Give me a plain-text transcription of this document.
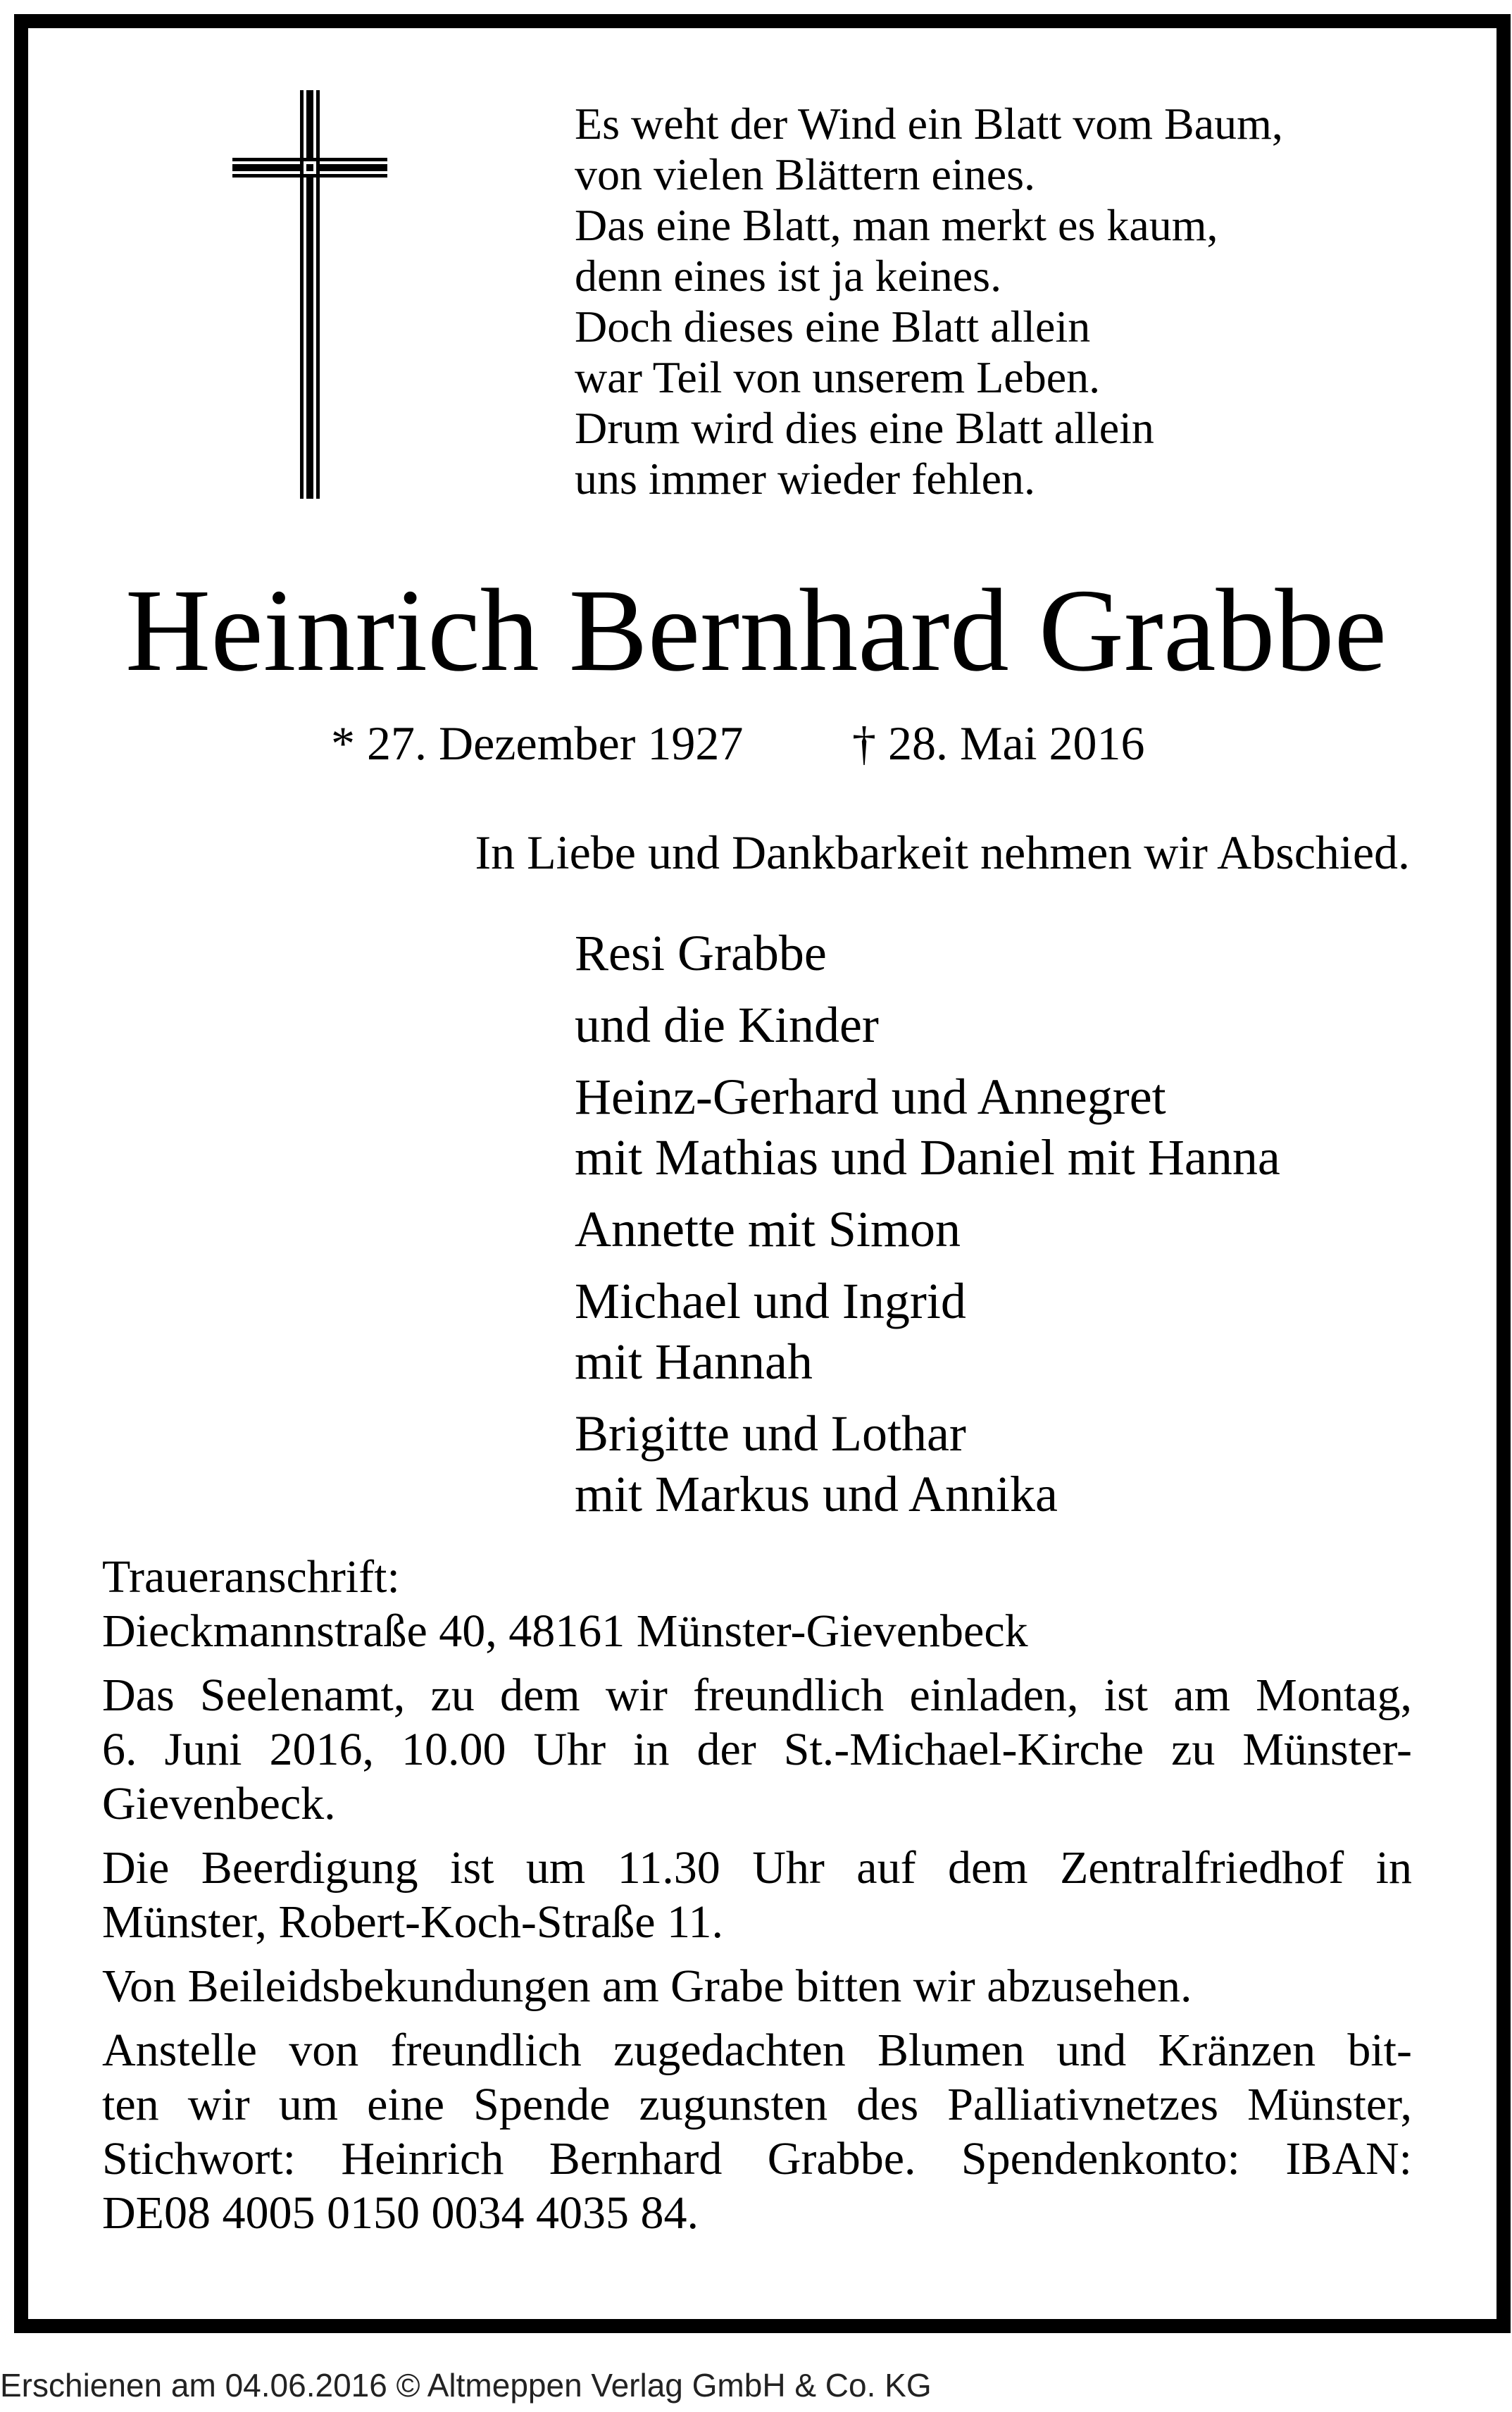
Es weht der Wind ein Blatt vom Baum,
von vielen Blättern eines.
Das eine Blatt, man merkt es kaum,
denn eines ist ja keines.
Doch dieses eine Blatt allein
war Teil von unserem Leben.
Drum wird dies eine Blatt allein
uns immer wieder fehlen.
Heinrich Bernhard Grabbe
* 27. Dezember 1927 † 28. Mai 2016
In Liebe und Dankbarkeit nehmen wir Abschied.
Resi Grabbe
und die Kinder
Heinz-Gerhard und Annegret
mit Mathias und Daniel mit Hanna
Annette mit Simon
Michael und Ingrid
mit Hannah
Brigitte und Lothar
mit Markus und Annika
Traueranschrift:
Dieckmannstraße 40, 48161 Münster-Gievenbeck
Das Seelenamt, zu dem wir freundlich einladen, ist am Montag,
6. Juni 2016, 10.00 Uhr in der St.-Michael-Kirche zu Münster-
Gievenbeck.
Die Beerdigung ist um 11.30 Uhr auf dem Zentralfriedhof in
Münster, Robert-Koch-Straße 11.
Von Beileidsbekundungen am Grabe bitten wir abzusehen.
Anstelle von freundlich zugedachten Blumen und Kränzen bit-
ten wir um eine Spende zugunsten des Palliativnetzes Münster,
Stichwort: Heinrich Bernhard Grabbe. Spendenkonto: IBAN:
DE08 4005 0150 0034 4035 84.
Erschienen am 04.06.2016 © Altmeppen Verlag GmbH & Co. KG
